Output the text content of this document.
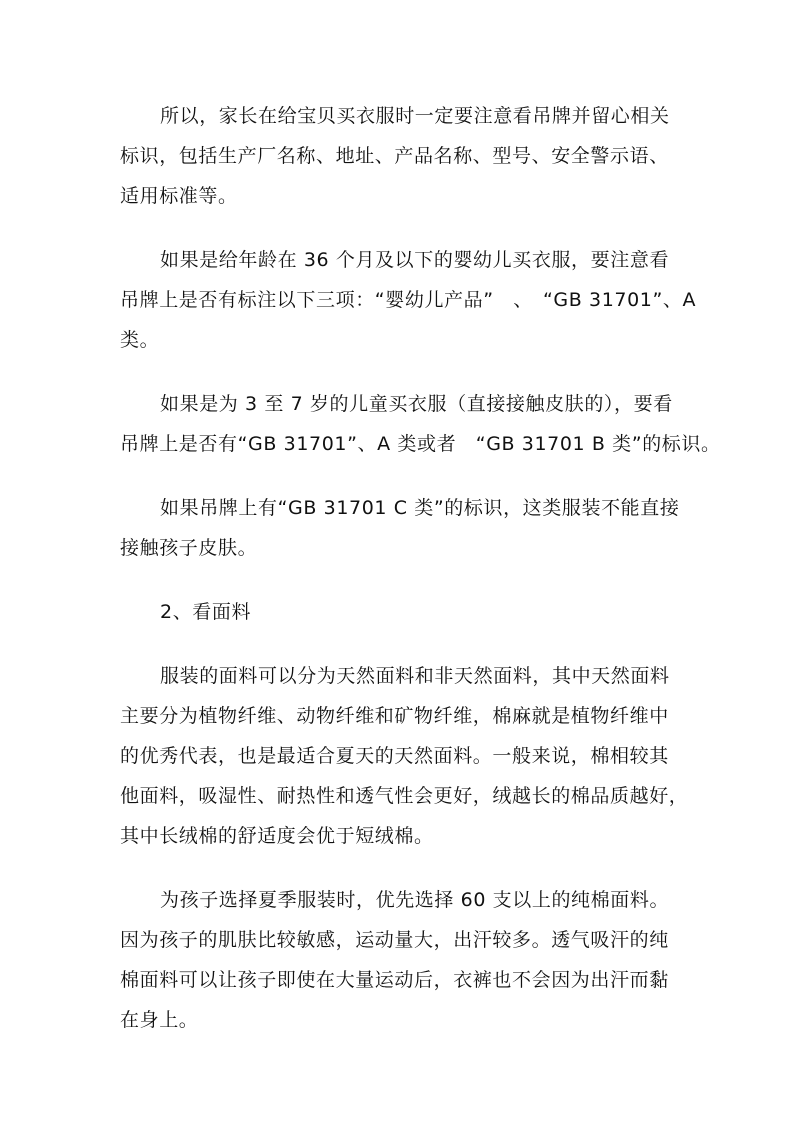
所以，家长在给宝贝买衣服时一定要注意看吊牌并留心相关
标识，包括生产厂名称、地址、产品名称、型号、安全警示语、
适用标准等。

如果是给年龄在 36 个月及以下的婴幼儿买衣服，要注意看
吊牌上是否有标注以下三项：“婴幼儿产品”　、　“GB 31701”、A
类。

如果是为 3 至 7 岁的儿童买衣服（直接接触皮肤的），要看
吊牌上是否有“GB 31701”、A 类或者　“GB 31701 B 类”的标识。

如果吊牌上有“GB 31701 C 类”的标识，这类服装不能直接
接触孩子皮肤。

2、看面料

服装的面料可以分为天然面料和非天然面料，其中天然面料
主要分为植物纤维、动物纤维和矿物纤维，棉麻就是植物纤维中
的优秀代表，也是最适合夏天的天然面料。一般来说，棉相较其
他面料，吸湿性、耐热性和透气性会更好，绒越长的棉品质越好，
其中长绒棉的舒适度会优于短绒棉。

为孩子选择夏季服装时，优先选择 60 支以上的纯棉面料。
因为孩子的肌肤比较敏感，运动量大，出汗较多。透气吸汗的纯
棉面料可以让孩子即使在大量运动后，衣裤也不会因为出汗而黏
在身上。
